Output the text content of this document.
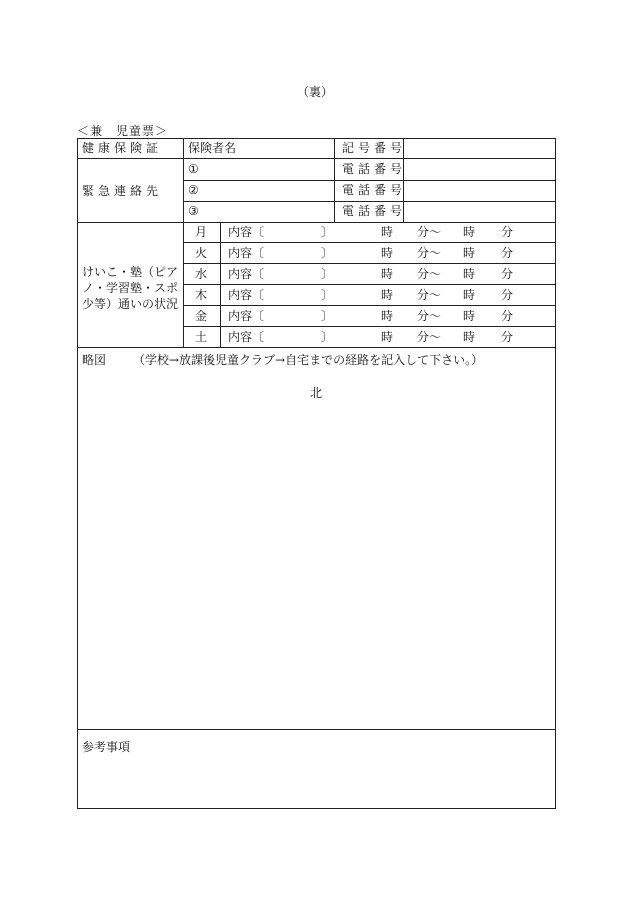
（裏）
＜兼　児童票＞
健康保険証 保険者名	記号番号
緊急連絡先
①	電話番号
②	電話番号
③	電話番号
けいこ・塾（ピア
ノ・学習塾・スポ
少等）通いの状況
月 内容〔	〕	時 分～ 時 分
火 内容〔	〕	時 分～ 時 分
水 内容〔	〕	時 分～ 時 分
木 内容〔	〕	時 分～ 時 分
金 内容〔	〕	時 分～ 時 分
土 内容〔	〕	時 分～ 時 分
略図 （学校→放課後児童クラブ→自宅までの経路を記入して下さい。）
北
参考事項
